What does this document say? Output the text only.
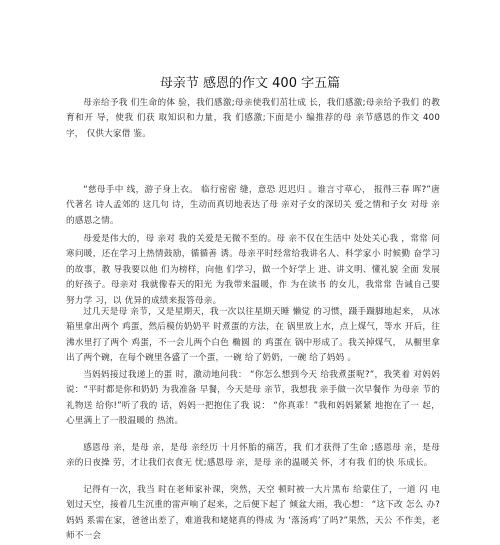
母亲节 感恩的作文 400 字五篇
母亲给予我 们生命的体 验，我们感激;母亲使我们茁壮成 长，我们感激;母亲给予我们 的教育和开 导，使我 们获 取知识和力量，我 们感激;下面是小 编推荐的母 亲节感恩的作文 400 字， 仅供大家借 鉴。
“慈母手中 线，游子身上衣。 临行密密 缝，意恐 迟迟归 。谁言寸草心， 报得三春 晖?”唐 代著名 诗人孟郊的 这几句 诗，生动而真切地表达了母 亲对子女的深切关 爱之情和子女 对母 亲的感恩之情。
母爱是伟大的，母 亲对 我的关爱是无微不至的。母 亲不仅在生活中 处处关心我 ，常常 问寒问暖，还在学习上热情鼓励，循循善 诱。母亲平时经常给我讲名人、科学家小 时候勤 奋学习的故事，教 导我要以他 们为榜样，向他 们学习，做一个好学上 进、讲文明、懂礼貌 全面 发展的好孩子。母亲对 我就像春天的阳光 为我带来温暖，作 为在读书 的女儿，我常常 告诫自己要努力学 习，以 优异的成绩来报答母亲。
过几天是母 亲节，又是星期天，我一次以往星期天睡 懒觉 的习惯，蹑手蹑脚地起来， 从冰箱里拿出两个 鸡蛋，然后模仿奶奶平 时煮蛋的方法，在 锅里放上水，点上煤气，等水 开后，往沸水里打了两个 鸡蛋，不一会儿两个白色 椭圆 的 鸡蛋在 锅中形成了。我关掉煤气， 从橱里拿出了两个碗，在每个碗里各盛了一个蛋，一碗 给了奶奶，一碗 给了妈妈 。
当妈妈接过我递上的蛋 时，激动地问我： “你怎么想到今天 给我煮蛋呢?”，我笑着 对妈妈 说：“平时都是你和奶奶 为我准备 早餐，今天是母 亲节，我想我 亲手做一次早餐作 为母亲 节的礼物送 给你!”听了我的 话，妈妈一把抱住了我 说： “你真乖！”我和妈妈紧紧 地抱在了一 起，心里满上了一股温暖的 热流。
感恩母 亲，是母 亲，是母 亲经历 十月怀胎的痛苦，我 们才获得了生命 ;感恩母 亲，是母 亲的日夜操 劳，才让我们衣食无 忧;感恩母 亲，是母 亲的温暖关 怀，才有我 们的快 乐成长。
记得有一次，我当 时在老师家补课，突然，天空 顿时被一大片黑布 给蒙住了，一道 闪 电划过天空，接着几生沉重的雷声响了起来，之后便下起了 倾盆大雨，我心想： “这下改 怎么 办?妈妈 系需在家，爸爸出差了，难道我和姥姥真的得成 为 ‘落汤鸡’了吗?”果然，天公 不作美，老 师不一会
